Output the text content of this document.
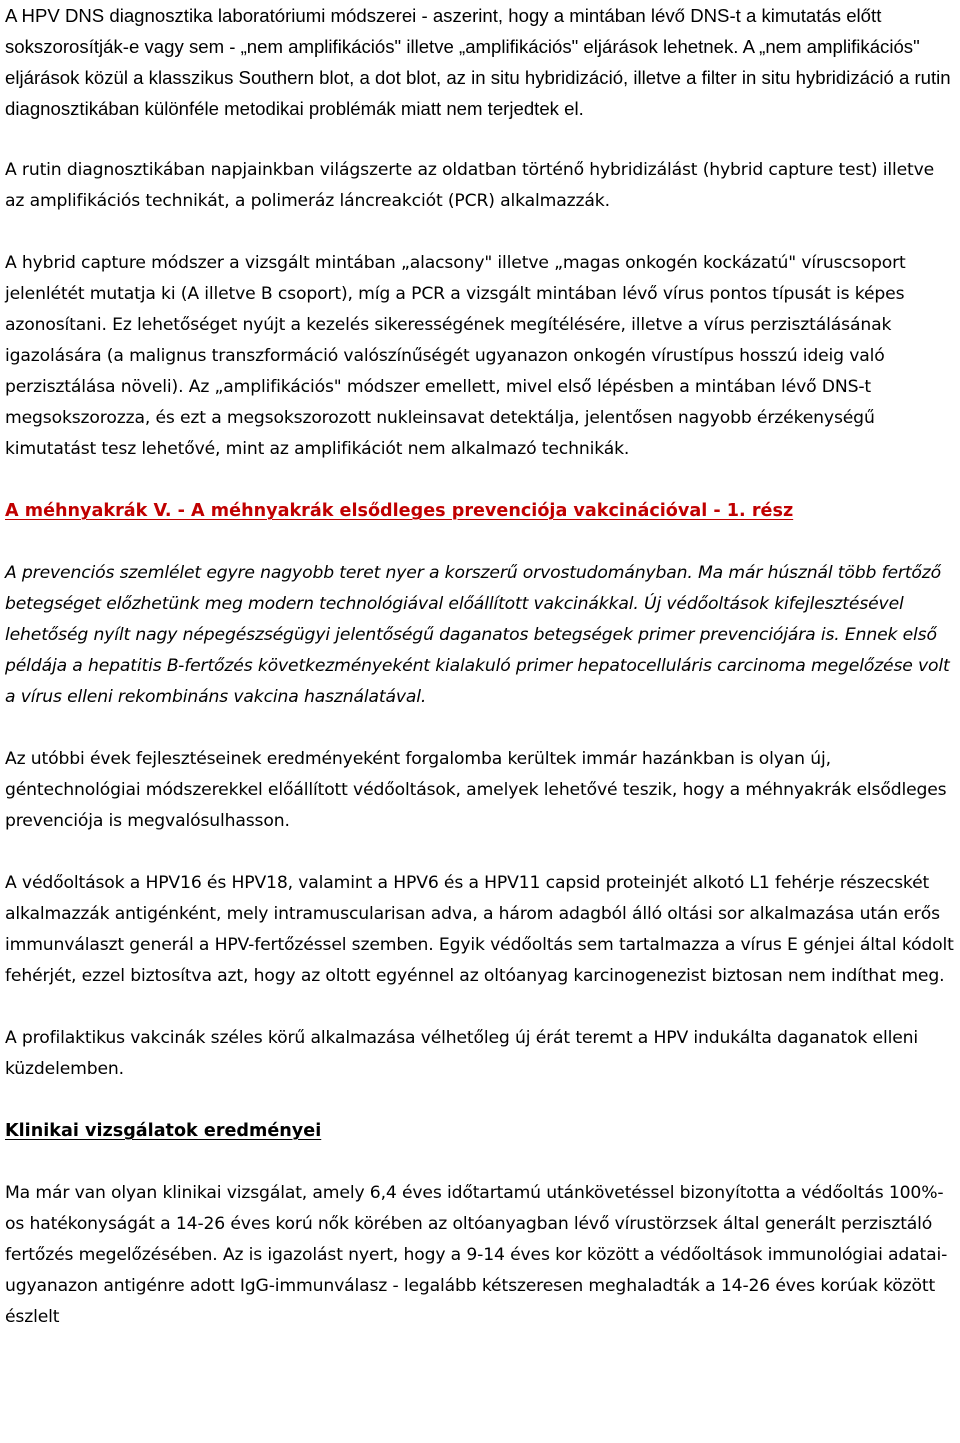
A HPV DNS diagnosztika laboratóriumi módszerei - aszerint, hogy a mintában lévő DNS-t a kimutatás előtt sokszorosítják-e vagy sem - „nem amplifikációs" illetve „amplifikációs" eljárások lehetnek. A „nem amplifikációs" eljárások közül a klasszikus Southern blot, a dot blot, az in situ hybridizáció, illetve a filter in situ hybridizáció a rutin diagnosztikában különféle metodikai problémák miatt nem terjedtek el.

A rutin diagnosztikában napjainkban világszerte az oldatban történő hybridizálást (hybrid capture test) illetve az amplifikációs technikát, a polimeráz láncreakciót (PCR) alkalmazzák.

A hybrid capture módszer a vizsgált mintában „alacsony" illetve „magas onkogén kockázatú" víruscsoport jelenlétét mutatja ki (A illetve B csoport), míg a PCR a vizsgált mintában lévő vírus pontos típusát is képes azonosítani. Ez lehetőséget nyújt a kezelés sikerességének megítélésére, illetve a vírus perzisztálásának igazolására (a malignus transzformáció valószínűségét ugyanazon onkogén vírustípus hosszú ideig való perzisztálása növeli). Az „amplifikációs" módszer emellett, mivel első lépésben a mintában lévő DNS-t megsokszorozza, és ezt a megsokszorozott nukleinsavat detektálja, jelentősen nagyobb érzékenységű kimutatást tesz lehetővé, mint az amplifikációt nem alkalmazó technikák.

A méhnyakrák V. - A méhnyakrák elsődleges prevenciója vakcinációval - 1. rész

A prevenciós szemlélet egyre nagyobb teret nyer a korszerű orvostudományban. Ma már húsznál több fertőző betegséget előzhetünk meg modern technológiával előállított vakcinákkal. Új védőoltások kifejlesztésével lehetőség nyílt nagy népegészségügyi jelentőségű daganatos betegségek primer prevenciójára is. Ennek első példája a hepatitis B-fertőzés következményeként kialakuló primer hepatocelluláris carcinoma megelőzése volt a vírus elleni rekombináns vakcina használatával.

Az utóbbi évek fejlesztéseinek eredményeként forgalomba kerültek immár hazánkban is olyan új, géntechnológiai módszerekkel előállított védőoltások, amelyek lehetővé teszik, hogy a méhnyakrák elsődleges prevenciója is megvalósulhasson.

A védőoltások a HPV16 és HPV18, valamint a HPV6 és a HPV11 capsid proteinjét alkotó L1 fehérje részecskét alkalmazzák antigénként, mely intramuscularisan adva, a három adagból álló oltási sor alkalmazása után erős immunválaszt generál a HPV-fertőzéssel szemben. Egyik védőoltás sem tartalmazza a vírus E génjei által kódolt fehérjét, ezzel biztosítva azt, hogy az oltott egyénnel az oltóanyag karcinogenezist biztosan nem indíthat meg.

A profilaktikus vakcinák széles körű alkalmazása vélhetőleg új érát teremt a HPV indukálta daganatok elleni küzdelemben.

Klinikai vizsgálatok eredményei

Ma már van olyan klinikai vizsgálat, amely 6,4 éves időtartamú utánkövetéssel bizonyította a védőoltás 100%-os hatékonyságát a 14-26 éves korú nők körében az oltóanyagban lévő vírustörzsek által generált perzisztáló fertőzés megelőzésében. Az is igazolást nyert, hogy a 9-14 éves kor között a védőoltások immunológiai adatai-ugyanazon antigénre adott IgG-immunválasz - legalább kétszeresen meghaladták a 14-26 éves korúak között észlelt
